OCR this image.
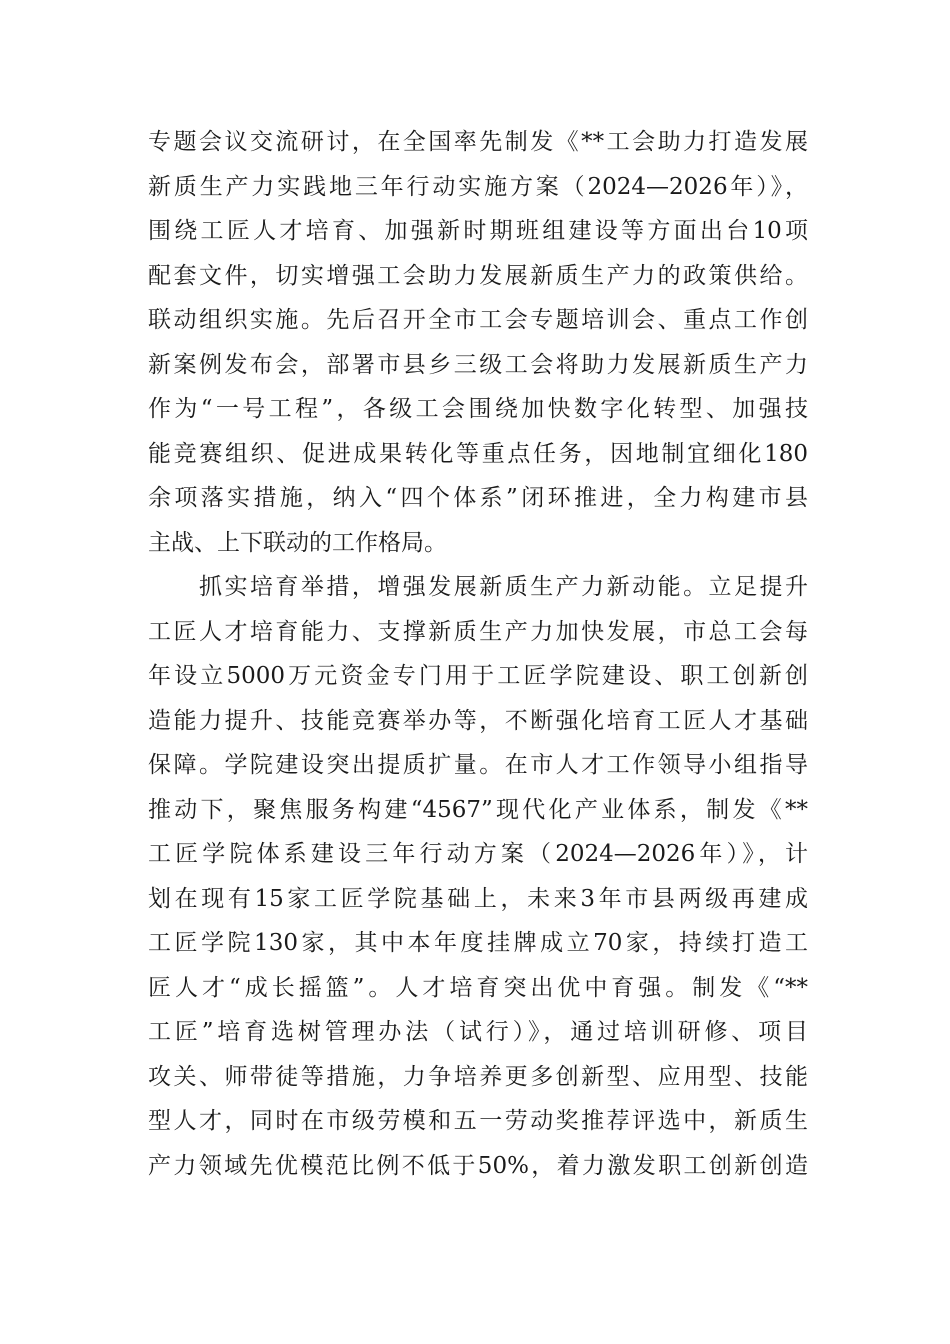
专题会议交流研讨，在全国率先制发《**工会助力打造发展
新质生产力实践地三年行动实施方案（2024—2026年）》，
围绕工匠人才培育、加强新时期班组建设等方面出台10项
配套文件，切实增强工会助力发展新质生产力的政策供给。
联动组织实施。先后召开全市工会专题培训会、重点工作创
新案例发布会，部署市县乡三级工会将助力发展新质生产力
作为“一号工程”，各级工会围绕加快数字化转型、加强技
能竞赛组织、促进成果转化等重点任务，因地制宜细化180
余项落实措施，纳入“四个体系”闭环推进，全力构建市县
主战、上下联动的工作格局。
　　抓实培育举措，增强发展新质生产力新动能。立足提升
工匠人才培育能力、支撑新质生产力加快发展，市总工会每
年设立5000万元资金专门用于工匠学院建设、职工创新创
造能力提升、技能竞赛举办等，不断强化培育工匠人才基础
保障。学院建设突出提质扩量。在市人才工作领导小组指导
推动下，聚焦服务构建“4567”现代化产业体系，制发《**
工匠学院体系建设三年行动方案（2024—2026年）》，计
划在现有15家工匠学院基础上，未来3年市县两级再建成
工匠学院130家，其中本年度挂牌成立70家，持续打造工
匠人才“成长摇篮”。人才培育突出优中育强。制发《“**
工匠”培育选树管理办法（试行）》，通过培训研修、项目
攻关、师带徒等措施，力争培养更多创新型、应用型、技能
型人才，同时在市级劳模和五一劳动奖推荐评选中，新质生
产力领域先优模范比例不低于50%，着力激发职工创新创造
